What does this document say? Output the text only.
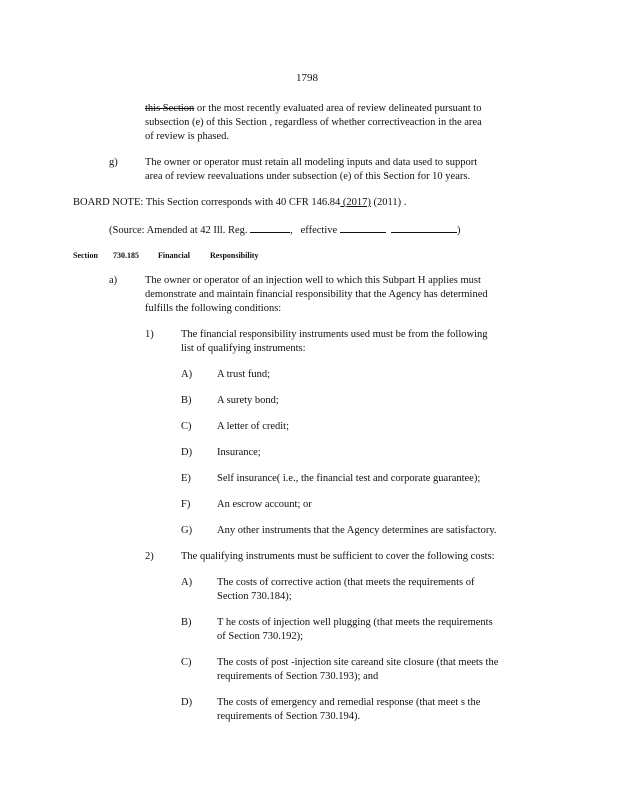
1798
this Section or the most recently evaluated area of review delineated pursuant to
subsection (e) of this Section , regardless of whether correctiveaction in the area
of review is phased.
g)	The owner or operator must retain all modeling inputs and data used to support
area of review reevaluations under subsection (e) of this Section for 10 years.
BOARD NOTE: This Section corresponds with 40 CFR 146.84 (2017) (2011) .
(Source: Amended at 42 Ill. Reg.	, effective	)
Section 730.185 Financial Responsibility
a)	The owner or operator of an injection well to which this Subpart H applies must
demonstrate and maintain financial responsibility that the Agency has determined
fulfills the following conditions:
1)	The financial responsibility instruments used must be from the following
list of qualifying instruments:
A) A trust fund;
B) A surety bond;
C) A letter of credit;
D) Insurance;
E) Self insurance( i.e., the financial test and corporate guarantee);
F)	An escrow account; or
G) Any other instruments that the Agency determines are satisfactory.
2)	The qualifying instruments must be sufficient to cover the following costs:
A) The costs of corrective action (that meets the requirements of
Section 730.184);
B) T he costs of injection well plugging (that meets the requirements
of Section 730.192);
C) The costs of post -injection site careand site closure (that meets the
requirements of Section 730.193); and
D) The costs of emergency and remedial response (that meet s the
requirements of Section 730.194).
